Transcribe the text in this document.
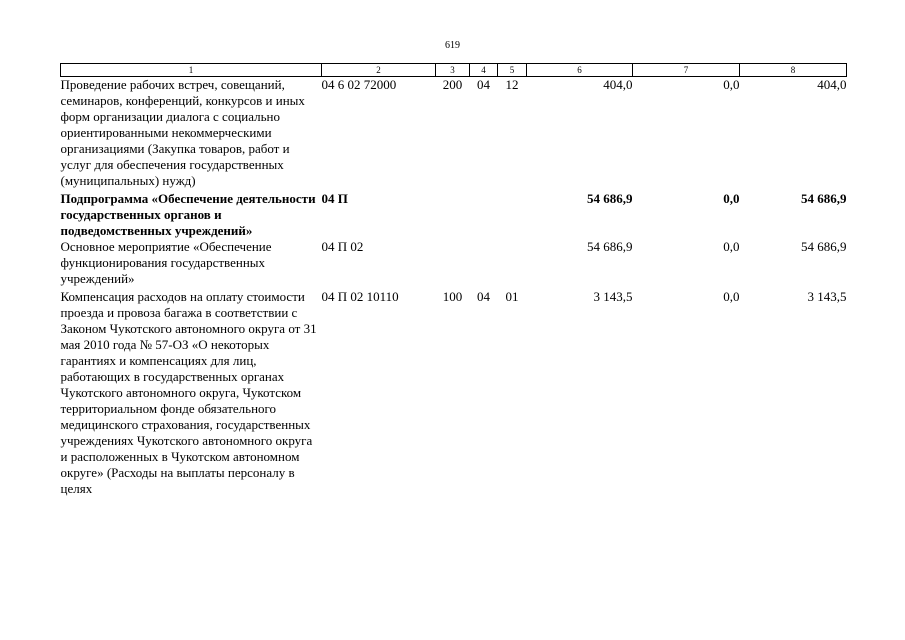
619
1	2	3	4	5	6	7	8
Проведение рабочих встреч, совещаний, семинаров, конференций, конкурсов и иных форм организации диалога с социально ориентированными некоммерческими организациями (Закупка товаров, работ и услуг для обеспечения государственных (муниципальных) нужд)	04 6 02 72000	200	04	12	404,0	0,0	404,0
Подпрограмма «Обеспечение деятельности государственных органов и подведомственных учреждений»	04 П				54 686,9	0,0	54 686,9
Основное мероприятие «Обеспечение функционирования государственных учреждений»	04 П 02				54 686,9	0,0	54 686,9
Компенсация расходов на оплату стоимости проезда и провоза багажа в соответствии с Законом Чукотского автономного округа от 31 мая 2010 года № 57-ОЗ «О некоторых гарантиях и компенсациях для лиц, работающих в государственных органах Чукотского автономного округа, Чукотском территориальном фонде обязательного медицинского страхования, государственных учреждениях Чукотского автономного округа и расположенных в Чукотском автономном округе» (Расходы на выплаты персоналу в целях	04 П 02 10110	100	04	01	3 143,5	0,0	3 143,5
